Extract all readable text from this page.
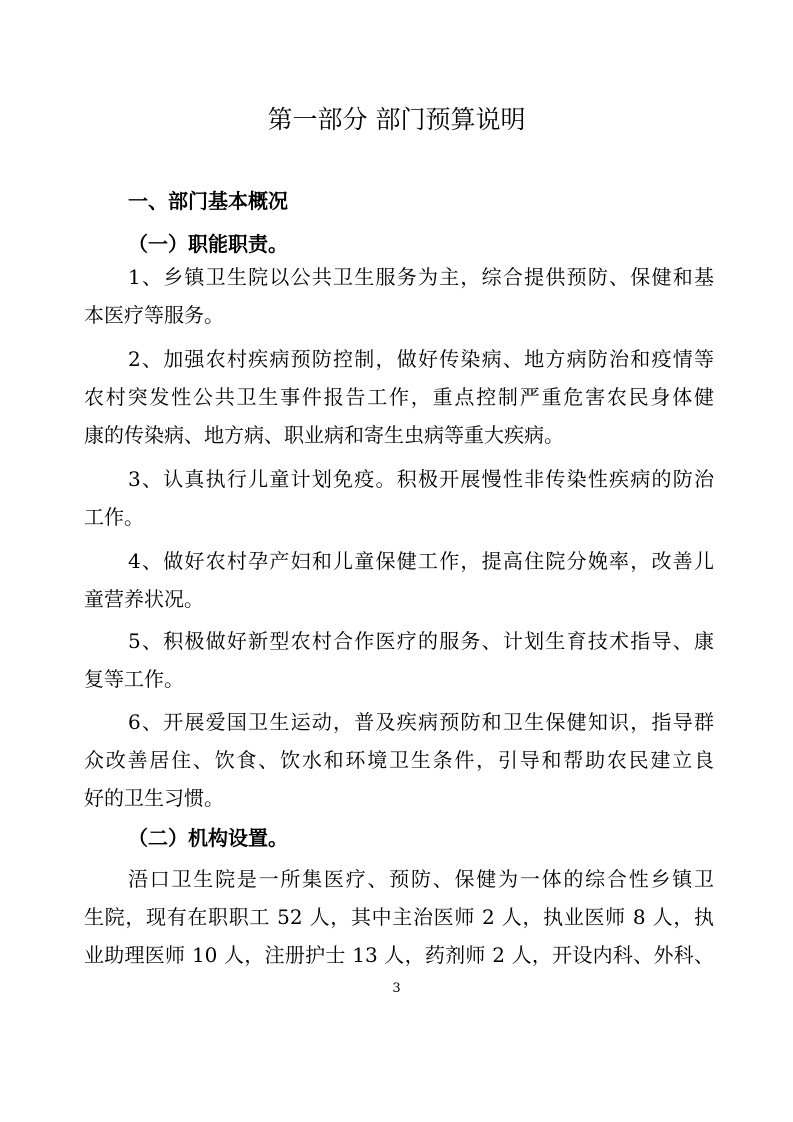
第一部分 部门预算说明
一、部门基本概况
（一）职能职责。
1、乡镇卫生院以公共卫生服务为主，综合提供预防、保健和基
本医疗等服务。
2、加强农村疾病预防控制，做好传染病、地方病防治和疫情等
农村突发性公共卫生事件报告工作，重点控制严重危害农民身体健
康的传染病、地方病、职业病和寄生虫病等重大疾病。
3、认真执行儿童计划免疫。积极开展慢性非传染性疾病的防治
工作。
4、做好农村孕产妇和儿童保健工作，提高住院分娩率，改善儿
童营养状况。
5、积极做好新型农村合作医疗的服务、计划生育技术指导、康
复等工作。
6、开展爱国卫生运动，普及疾病预防和卫生保健知识，指导群
众改善居住、饮食、饮水和环境卫生条件，引导和帮助农民建立良
好的卫生习惯。
（二）机构设置。
浯口卫生院是一所集医疗、预防、保健为一体的综合性乡镇卫
生院，现有在职职工 52 人，其中主治医师 2 人，执业医师 8 人，执
业助理医师 10 人，注册护士 13 人，药剂师 2 人，开设内科、外科、
3
